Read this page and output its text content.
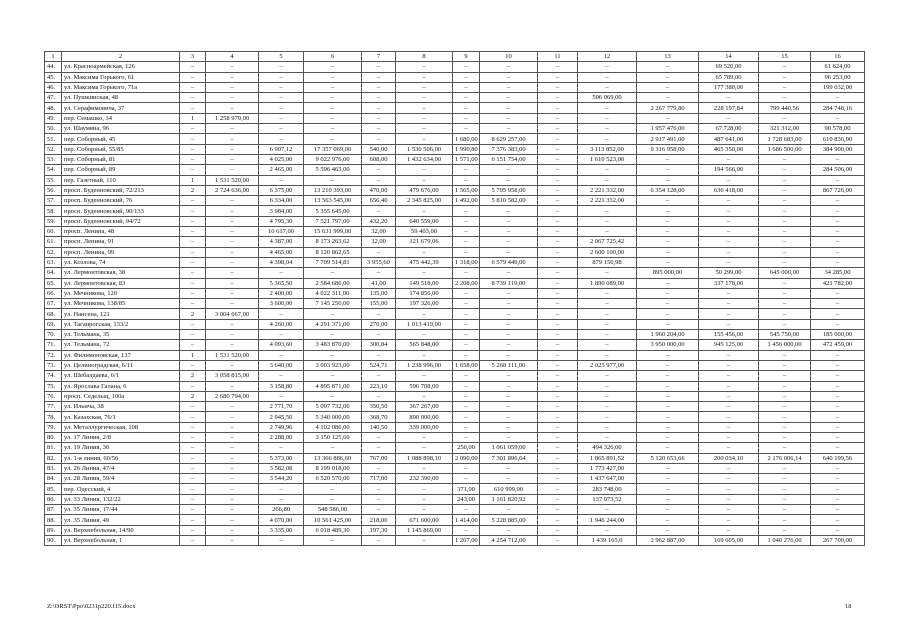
1	2	3	4	5	6	7	8	9	10	11	12	13	14	15	16
44.	ул. Красноармейская, 126	–	–	–	–	–	–	–	–	–	–	–	69 520,00	–	61 624,00
45.	ул. Максима Горького, 61	–	–	–	–	–	–	–	–	–	–	–	65 789,00	–	96 253,00
46.	ул. Максима Горького, 71а	–	–	–	–	–	–	–	–	–	–	–	177 380,00	–	199 032,00
47.	ул. Пушкинская, 48	–	–	–	–	–	–	–	–	–	506 069,00	–	–	–	–
48.	ул. Серафимовича, 37	–	–	–	–	–	–	–	–	–	–	2 267 779,80	228 197,84	799 440,56	284 748,16
49.	пер. Семашко, 34	1	1 258 979,00	–	–	–	–	–	–	–	–	–	–	–	–
50.	ул. Шаумяна, 96	–	–	–	–	–	–	–	–	–	–	1 957 476,00	67 728,00	321 312,00	90 578,00
51.	пер. Соборный, 45	–	–	–	–	–	–	1 680,00	8 629 257,00	–	–	2 917 491,00	487 641,00	1 728 683,00	610 836,00
52.	пер. Соборный, 55/85	–	–	6 907,12	17 357 069,00	540,00	1 530 506,00	1 990,80	7 376 383,00	–	3 113 852,00	9 316 958,00	465 350,00	1 686 500,00	384 900,00
53.	пер. Соборный, 81	–	–	4 025,00	9 022 976,00	608,00	1 432 634,00	1 571,00	6 151 754,00	–	1 610 523,00	–	–	–	–
54.	пер. Соборный, 89	–	–	2 465,00	5 596 463,00	–	–	–	–	–	–	–	194 566,00	–	284 506,00
55.	пер. Газетный, 110	1	1 531 520,00	–	–	–	–	–	–	–	–	–	–	–	–
56.	просп. Буденновский, 72/213	2	2 724 636,00	6 375,00	13 210 393,00	470,00	479 676,00	1 565,00	5 795 958,00	–	2 221 332,00	6 354 128,00	636 418,00	–	867 726,00
57.	просп. Буденновский, 76	–	–	6 334,00	13 563 545,00	656,40	2 345 825,00	1 492,00	5 810 582,00	–	2 221 332,00	–	–	–	–
58.	просп. Буденновский, 90/133	–	–	3 984,00	5 355 645,00	–	–	–	–	–	–	–	–	–	–
59.	просп. Буденновский, 94/72	–	–	4 795,30	7 521 797,00	432,20	640 559,00	–	–	–	–	–	–	–	–
60.	просп. Ленина, 48	–	–	10 617,00	15 631 999,00	32,00	59 403,00	–	–	–	–	–	–	–	–
61.	просп. Ленина, 91	–	–	4 387,00	8 173 263,62	32,00	121 679,06	–	–	–	2 067 725,42	–	–	–	–
62.	просп. Ленина, 99	–	–	4 465,00	8 120 862,65	–	–	–	–	–	2 600 100,00	–	–	–	–
63.	ул. Козлова, 74	–	–	4 398,04	7 709 514,81	3 955,60	475 442,39	1 318,00	6 579 449,00	–	879 150,98	–	–	–	–
64.	ул. Лермонтовская, 38	–	–	–	–	–	–	–	–	–	–	895 000,00	50 299,00	645 000,00	34 285,00
65.	ул. Лермонтовская, 83	–	–	5 365,50	2 584 686,00	41,00	149 518,00	2 208,00	8 739 119,00	–	1 890 089,00	–	337 178,00	–	421 782,00
66.	ул. Мечникова, 120	–	–	2 400,00	4 022 311,00	135,00	174 856,00	–	–	–	–	–	–	–	–
67.	ул. Мечникова, 138/85	–	–	3 600,00	7 145 250,00	155,00	197 326,00	–	–	–	–	–	–	–	–
68.	ул. Нансена, 121	2	3 004 667,00	–	–	–	–	–	–	–	–	–	–	–	–
69.	ул. Таганрогская, 133/2	–	–	4 260,00	4 291 371,00	270,00	1 013 419,00	–	–	–	–	–	–	–	–
70.	ул. Тельмана, 35	–	–	–	–	–	–	–	–	–	–	1 960 204,00	155 456,00	545 750,00	185 000,00
71.	ул. Тельмана, 72	–	–	4 093,60	3 483 870,00	300,84	565 848,00	–	–	–	–	3 950 000,00	945 125,00	1 456 000,00	472 459,00
72.	ул. Филимоновская, 137	1	1 531 520,00	–	–	–	–	–	–	–	–	–	–	–	–
73.	ул. Целиноградская, 6/11	–	–	3 640,00	3 003 923,00	524,71	1 238 996,00	1 658,00	5 268 111,00	–	2 025 977,00	–	–	–	–
74.	ул. Шебалдаева, 6/1	2	3 058 815,00	–	–	–	–	–	–	–	–	–	–	–	–
75.	ул. Ярослава Галана, 6	–	–	3 158,80	4 895 871,00	223,10	596 708,00	–	–	–	–	–	–	–	–
76.	просп. Седельщ, 100а	2	2 680 794,00	–	–	–	–	–	–	–	–	–	–	–	–
77.	ул. Ильича, 38	–	–	2 771,70	5 097 732,00	350,50	367 267,00	–	–	–	–	–	–	–	–
78.	ул. Казахская, 76/1	–	–	2 945,50	5 340 000,00	368,70	890 000,00	–	–	–	–	–	–	–	–
79.	ул. Металлургическая, 108	–	–	2 749,96	4 102 086,00	140,50	339 000,00	–	–	–	–	–	–	–	–
80.	ул. 17 Линия, 2/8	–	–	2 288,00	3 150 125,60	–	–	–	–	–	–	–	–	–	–
81.	ул. 19 Линия, 30	–	–	–	–	–	–	250,00	1 061 059,00	–	494 326,00	–	–	–	–
82.	ул. 1-я линия, 60/56	–	–	5 373,00	13 366 886,60	767,00	1 088 898,10	2 090,00	7 301 896,64	–	1 865 891,52	5 120 653,66	200 034,10	2 176 006,14	640 199,56
83.	ул. 26 Линия, 47/4	–	–	3 582,08	8 199 018,00	–	–	–	–	–	1 773 427,00	–	–	–	–
84.	ул. 28 Линия, 59/4	–	–	3 544,20	6 520 570,00	717,00	232 390,00	–	–	–	1 437 647,00	–	–	–	–
85.	пер. Одесский, 4	–	–	–	–	–	–	371,00	610 999,00	–	283 748,00	–	–	–	–
86.	ул. 33 Линия, 132/22	–	–	–	–	–	–	243,00	1 161 820,92	–	137 073,52	–	–	–	–
87.	ул. 35 Линия, 17/44	–	–	266,80	548 586,00	–	–	–	–	–	–	–	–	–	–
88.	ул. 35 Линия, 49	–	–	4 070,00	10 561 425,00	218,00	671 600,00	1 414,00	5 228 885,00	–	1 946 244,00	–	–	–	–
89.	ул. Верхнебольная, 14/90	–	–	3 335,00	6 018 489,30	197,30	1 145 869,00	–	–	–	–	–	–	–	–
90.	ул. Верхнебольная, 1	–	–	–	–	–	–	1 267,00	4 254 712,00	–	1 439 165,0	2 962 887,00	169 605,00	1 040 276,00	267 700,00
Z:\ORST\Ppo\0231p220.f15.docx	18
